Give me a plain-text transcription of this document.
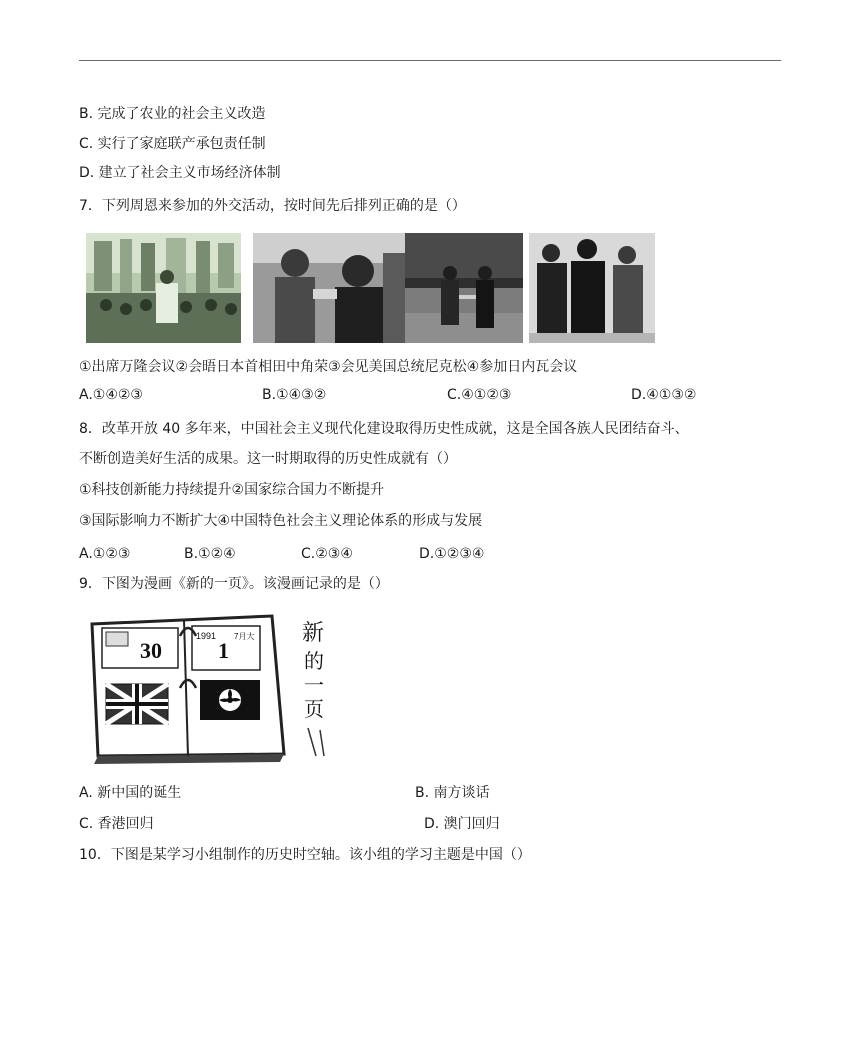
B. 完成了农业的社会主义改造
C. 实行了家庭联产承包责任制
D. 建立了社会主义市场经济体制
7．下列周恩来参加的外交活动，按时间先后排列正确的是（）
①出席万隆会议②会晤日本首相田中角荣③会见美国总统尼克松④参加日内瓦会议
A.①④②③	B.①④③②	C.④①②③	D.④①③②
8．改革开放 40 多年来，中国社会主义现代化建设取得历史性成就，这是全国各族人民团结奋斗、
不断创造美好生活的成果。这一时期取得的历史性成就有（）
①科技创新能力持续提升②国家综合国力不断提升
③国际影响力不断扩大④中国特色社会主义理论体系的形成与发展
A.①②③	B.①②④	C.②③④	D.①②③④
9．下图为漫画《新的一页》。该漫画记录的是（）
30
1991
1
7月大 新
的
一
页
A. 新中国的诞生	B. 南方谈话
C. 香港回归	D. 澳门回归
10．下图是某学习小组制作的历史时空轴。该小组的学习主题是中国（）
